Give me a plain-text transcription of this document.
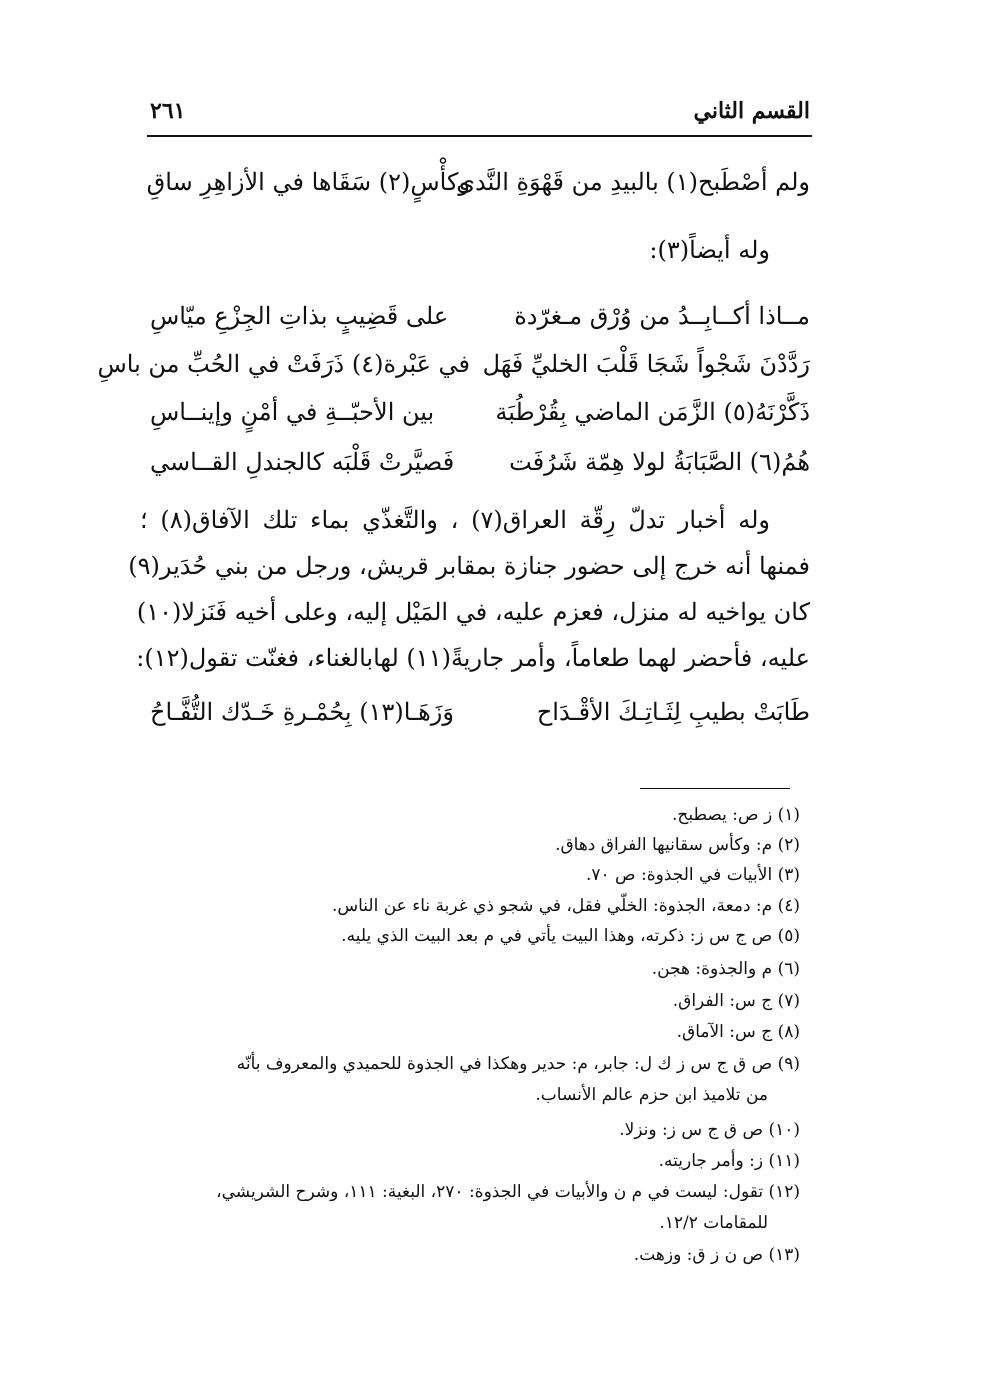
القسم الثاني
٢٦١
ولم أصْطَبح(١) بالبيدِ من قَهْوَةِ النَّدى
وكأْسٍ(٢) سَقَاها في الأزاهِرِ ساقِ
وله أيضاً(٣):
مــاذا أكــابِــدُ من وُرْق مـغرّدة
على قَضِيبٍ بذاتِ الجِزْعِ ميّاسِ
رَدَّدْنَ شَجْواً شَجَا قَلْبَ الخليِّ فَهَل
في عَبْرة(٤) ذَرَفَتْ في الحُبِّ من باسِ
ذَكَّرْنَهُ(٥) الزَّمَن الماضي بِقُرْطُبَة
بين الأحبّــةِ في أمْنٍ وإينــاسِ
هُمُ(٦) الصَّبَابَةُ لولا هِمّة شَرُفَت
فَصيَّرتْ قَلْبَه كالجندلِ القــاسي
وله أخبار تدلّ رِقّة العراق(٧) ، والتَّغذّي بماء تلك الآفاق(٨) ؛
فمنها أنه خرج إلى حضور جنازة بمقابر قريش، ورجل من بني حُدَير(٩)
كان يواخيه له منزل، فعزم عليه، في المَيْل إليه، وعلى أخيه فَنَزلا(١٠)
عليه، فأحضر لهما طعاماً، وأمر جاريةً(١١) لهابالغناء، فغنّت تقول(١٢):
طَابَتْ بطيبِ لِثَـاتِـكَ الأقْـدَاح
وَزَهَـا(١٣) بِحُمْـرةِ خَـدّك التُّفَّـاحُ
(١) ز ص: يصطبح.
(٢) م: وكأس سقانيها الفراق دهاق.
(٣) الأبيات في الجذوة: ص ٧٠.
(٤) م: دمعة، الجذوة: الخلّي فقل، في شجو ذي غربة ناء عن الناس.
(٥) ص ج س ز: ذكرته، وهذا البيت يأتي في م بعد البيت الذي يليه.
(٦) م والجذوة: هجن.
(٧) ج س: الفراق.
(٨) ج س: الآماق.
(٩) ص ق ج س ز ك ل: جابر، م: حدير وهكذا في الجذوة للحميدي والمعروف بأنّه
من تلاميذ ابن حزم عالم الأنساب.
(١٠) ص ق ج س ز: ونزلا.
(١١) ز: وأمر جاريته.
(١٢) تقول: ليست في م ن والأبيات في الجذوة: ٢٧٠، البغية: ١١١، وشرح الشريشي،
للمقامات ١٢/٢.
(١٣) ص ن ز ق: وزهت.
